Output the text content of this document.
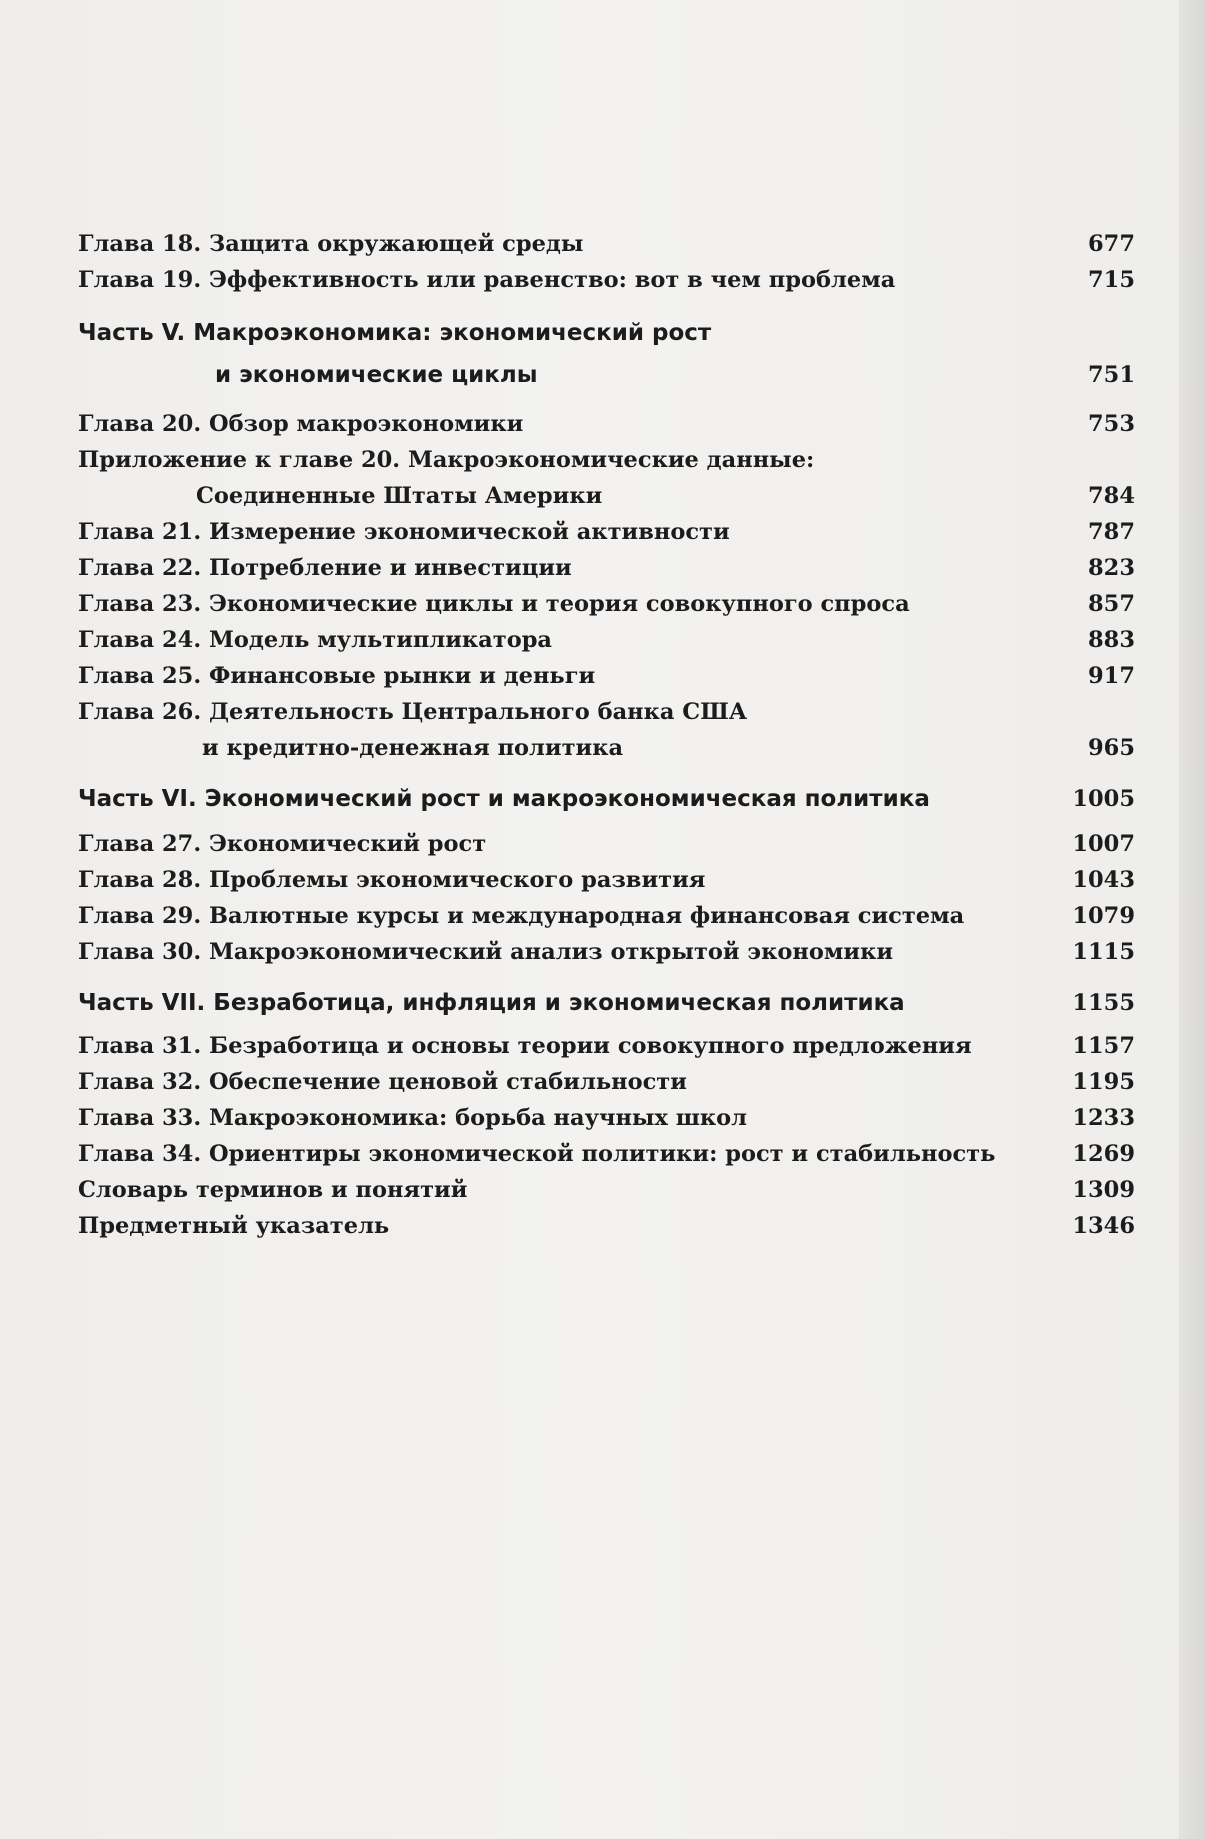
Глава 18. Защита окружающей среды	677
Глава 19. Эффективность или равенство: вот в чем проблема	715
Часть V. Макроэкономика: экономический рост
и экономические циклы	751
Глава 20. Обзор макроэкономики	753
Приложение к главе 20. Макроэкономические данные:
Соединенные Штаты Америки	784
Глава 21. Измерение экономической активности	787
Глава 22. Потребление и инвестиции	823
Глава 23. Экономические циклы и теория совокупного спроса	857
Глава 24. Модель мультипликатора	883
Глава 25. Финансовые рынки и деньги	917
Глава 26. Деятельность Центрального банка США
и кредитно-денежная политика	965
Часть VI. Экономический рост и макроэкономическая политика	1005
Глава 27. Экономический рост	1007
Глава 28. Проблемы экономического развития	1043
Глава 29. Валютные курсы и международная финансовая система	1079
Глава 30. Макроэкономический анализ открытой экономики	1115
Часть VII. Безработица, инфляция и экономическая политика	1155
Глава 31. Безработица и основы теории совокупного предложения	1157
Глава 32. Обеспечение ценовой стабильности	1195
Глава 33. Макроэкономика: борьба научных школ	1233
Глава 34. Ориентиры экономической политики: рост и стабильность	1269
Словарь терминов и понятий	1309
Предметный указатель	1346
